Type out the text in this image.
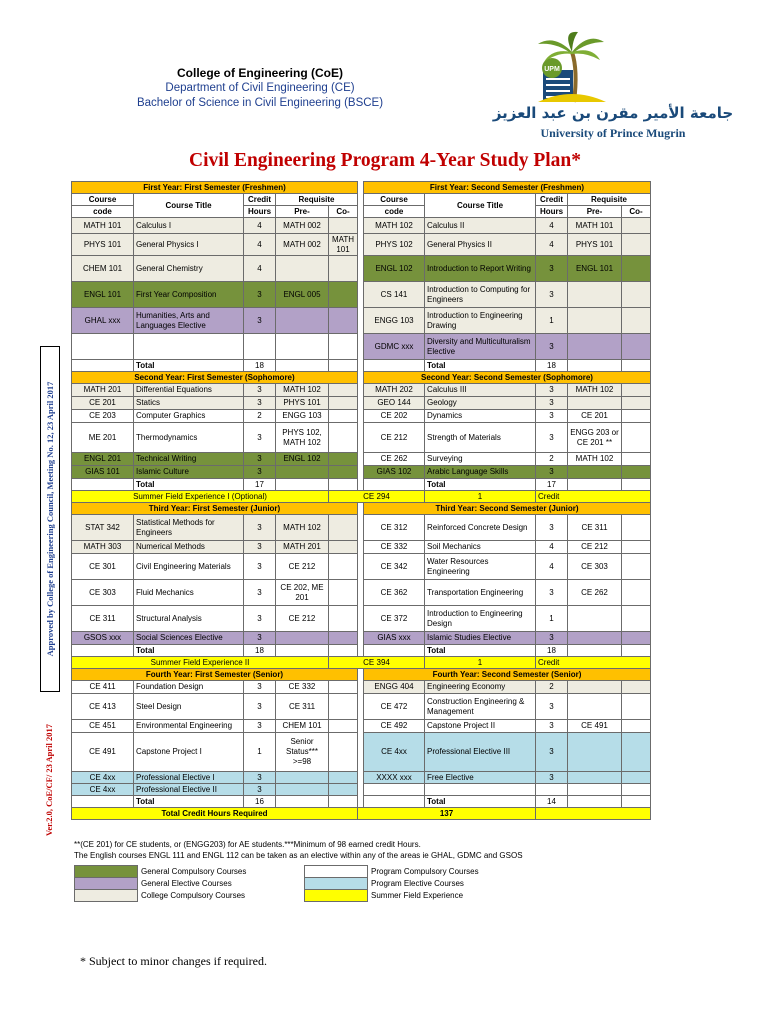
College of Engineering (CoE)
Department of Civil Engineering (CE)
Bachelor of Science in Civil Engineering (BSCE)
UPM
جامعة الأمير مقرن بن عبد العزيز
University of Prince Mugrin
Civil Engineering Program 4-Year Study Plan*
Approved by College of Engineering Council, Meeting No. 12, 23 April 2017
Ver.2.0, CoE/CF/ 23 April 2017
First Year: First Semester (Freshmen)						First Year: Second Semester (Freshmen)				
Course	Course Title	Credit	Requisite			Course	Course Title	Credit	Requisite	
code		Hours	Pre-	Co-		code		Hours	Pre-	Co-
MATH 101	Calculus I	4	MATH 002			MATH 102	Calculus II	4	MATH 101	
PHYS 101	General Physics I	4	MATH 002	MATH 101		PHYS 102	General Physics II	4	PHYS 101	
CHEM 101	General Chemistry	4				ENGL 102	Introduction to Report Writing	3	ENGL 101	
ENGL 101	First Year Composition	3	ENGL 005			CS 141	Introduction to Computing for Engineers	3		
GHAL xxx	Humanities, Arts and Languages Elective	3				ENGG 103	Introduction to Engineering Drawing	1		
						GDMC xxx	Diversity and Multiculturalism Elective	3		
	Total	18					Total	18		
Second Year: First Semester (Sophomore)						Second Year: Second Semester (Sophomore)				
MATH 201	Differential Equations	3	MATH 102			MATH 202	Calculus III	3	MATH 102	
CE 201	Statics	3	PHYS 101			GEO 144	Geology	3		
CE 203	Computer Graphics	2	ENGG 103			CE 202	Dynamics	3	CE 201	
ME 201	Thermodynamics	3	PHYS 102, MATH 102			CE 212	Strength of Materials	3	ENGG 203 or CE 201 **	
ENGL 201	Technical Writing	3	ENGL 102			CE 262	Surveying	2	MATH 102	
GIAS 101	Islamic Culture	3				GIAS 102	Arabic Language Skills	3		
	Total	17					Total	17		
Summer Field Experience I (Optional)				CE 294			1	Credit		
Third Year: First Semester (Junior)						Third Year: Second Semester (Junior)				
STAT 342	Statistical Methods for Engineers	3	MATH 102			CE 312	Reinforced Concrete Design	3	CE 311	
MATH 303	Numerical Methods	3	MATH 201			CE 332	Soil Mechanics	4	CE 212	
CE 301	Civil Engineering Materials	3	CE 212			CE 342	Water Resources Engineering	4	CE 303	
CE 303	Fluid Mechanics	3	CE 202, ME 201			CE 362	Transportation Engineering	3	CE 262	
CE 311	Structural Analysis	3	CE 212			CE 372	Introduction to Engineering Design	1		
GSOS xxx	Social Sciences Elective	3				GIAS xxx	Islamic Studies Elective	3		
	Total	18					Total	18		
Summer Field Experience II				CE 394			1	Credit		
Fourth Year: First Semester (Senior)						Fourth Year: Second Semester (Senior)				
CE 411	Foundation Design	3	CE 332			ENGG 404	Engineering Economy	2		
CE 413	Steel Design	3	CE 311			CE 472	Construction Engineering & Management	3		
CE 451	Environmental Engineering	3	CHEM 101			CE 492	Capstone Project II	3	CE 491	
CE 491	Capstone Project I	1	Senior Status*** >=98			CE 4xx	Professional Elective III	3		
CE 4xx	Professional Elective I	3				XXXX xxx	Free Elective	3		
CE 4xx	Professional Elective II	3								
	Total	16					Total	14		
Total Credit Hours Required					137					
**(CE 201) for CE students, or (ENGG203) for AE students.***Minimum of 98 earned credit Hours.
The English courses ENGL 111 and ENGL 112 can be taken as an elective within any of the areas ie GHAL, GDMC and GSOS
	General Compulsory Courses		Program Compulsory Courses
	General Elective Courses		Program Elective Courses
	College Compulsory Courses		Summer Field Experience
* Subject to minor changes if required.
